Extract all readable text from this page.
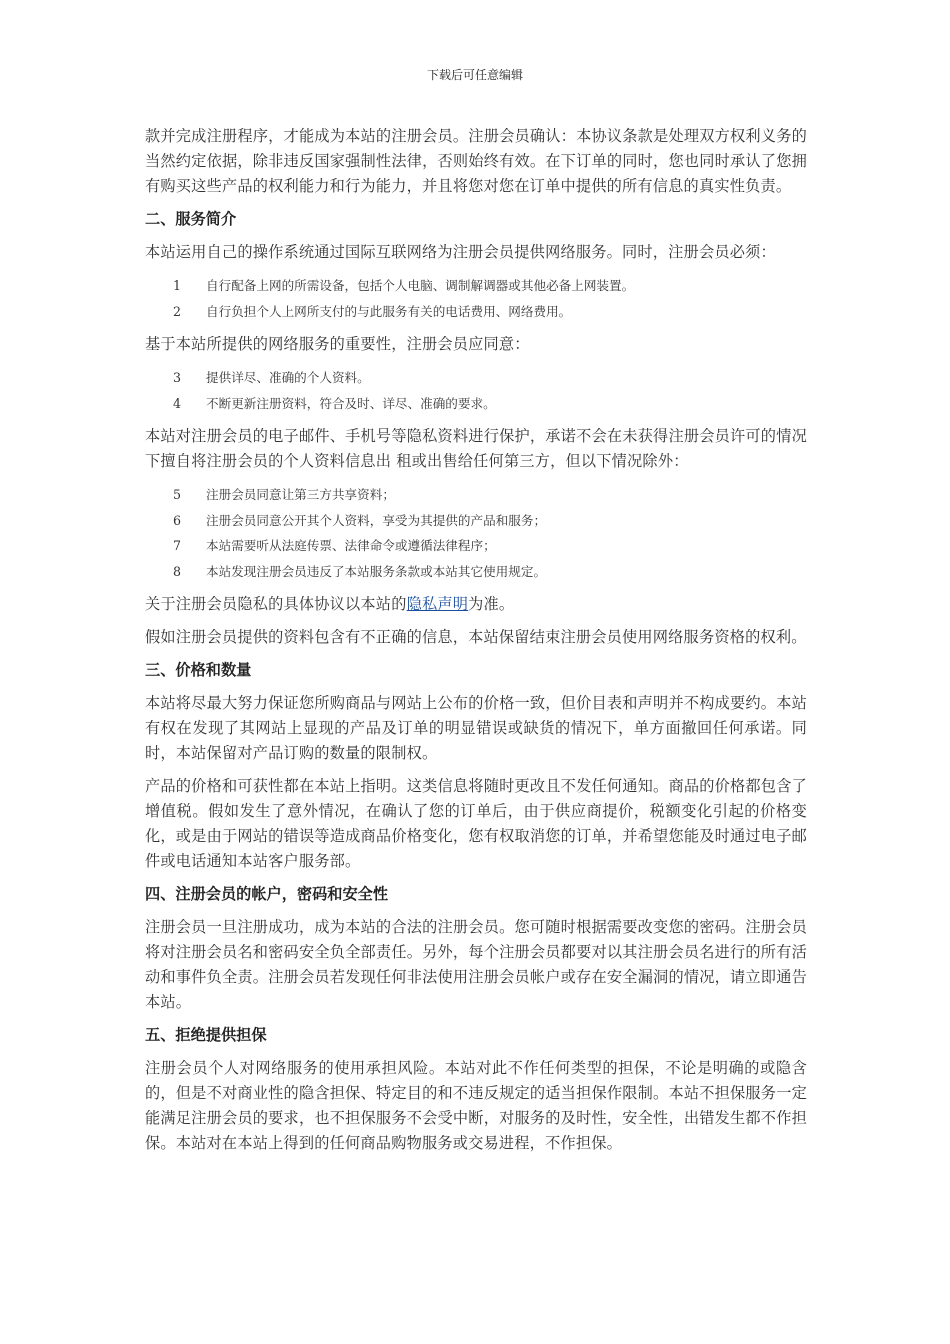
下载后可任意编辑

款并完成注册程序，才能成为本站的注册会员。注册会员确认：本协议条款是处理双方权利义务的当然约定依据，除非违反国家强制性法律，否则始终有效。在下订单的同时，您也同时承认了您拥有购买这些产品的权利能力和行为能力，并且将您对您在订单中提供的所有信息的真实性负责。

二、服务简介

本站运用自己的操作系统通过国际互联网络为注册会员提供网络服务。同时，注册会员必须：

1	自行配备上网的所需设备，包括个人电脑、调制解调器或其他必备上网装置。
2	自行负担个人上网所支付的与此服务有关的电话费用、网络费用。

基于本站所提供的网络服务的重要性，注册会员应同意：

3	提供详尽、准确的个人资料。
4	不断更新注册资料，符合及时、详尽、准确的要求。

本站对注册会员的电子邮件、手机号等隐私资料进行保护，承诺不会在未获得注册会员许可的情况下擅自将注册会员的个人资料信息出 租或出售给任何第三方，但以下情况除外：

5	注册会员同意让第三方共享资料；
6	注册会员同意公开其个人资料，享受为其提供的产品和服务；
7	本站需要听从法庭传票、法律命令或遵循法律程序；
8	本站发现注册会员违反了本站服务条款或本站其它使用规定。

关于注册会员隐私的具体协议以本站的隐私声明为准。

假如注册会员提供的资料包含有不正确的信息，本站保留结束注册会员使用网络服务资格的权利。

三、价格和数量

本站将尽最大努力保证您所购商品与网站上公布的价格一致，但价目表和声明并不构成要约。本站有权在发现了其网站上显现的产品及订单的明显错误或缺货的情况下，单方面撤回任何承诺。同时，本站保留对产品订购的数量的限制权。

产品的价格和可获性都在本站上指明。这类信息将随时更改且不发任何通知。商品的价格都包含了增值税。假如发生了意外情况，在确认了您的订单后，由于供应商提价，税额变化引起的价格变化，或是由于网站的错误等造成商品价格变化，您有权取消您的订单，并希望您能及时通过电子邮件或电话通知本站客户服务部。

四、注册会员的帐户，密码和安全性

注册会员一旦注册成功，成为本站的合法的注册会员。您可随时根据需要改变您的密码。注册会员将对注册会员名和密码安全负全部责任。另外，每个注册会员都要对以其注册会员名进行的所有活动和事件负全责。注册会员若发现任何非法使用注册会员帐户或存在安全漏洞的情况，请立即通告本站。

五、拒绝提供担保

注册会员个人对网络服务的使用承担风险。本站对此不作任何类型的担保，不论是明确的或隐含的，但是不对商业性的隐含担保、特定目的和不违反规定的适当担保作限制。本站不担保服务一定能满足注册会员的要求，也不担保服务不会受中断，对服务的及时性，安全性，出错发生都不作担保。本站对在本站上得到的任何商品购物服务或交易进程，不作担保。
